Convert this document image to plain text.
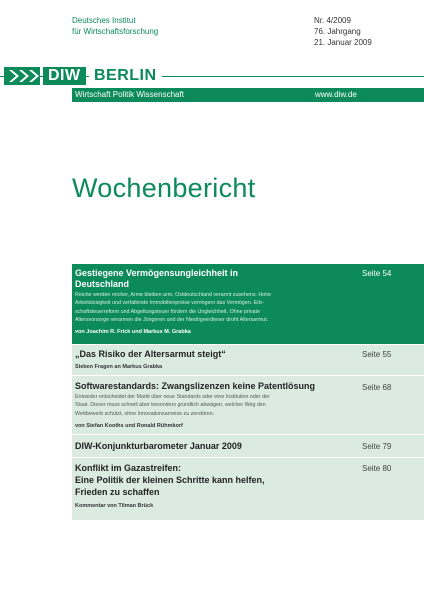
Deutsches Institut
für Wirtschaftsforschung
Nr. 4/2009
76. Jahrgang
21. Januar 2009
DIW BERLIN
Wirtschaft Politik Wissenschaft	www.diw.de
Wochenbericht
Gestiegene Vermögensungleichheit in
Deutschland
Seite 54
Reiche werden reicher, Arme bleiben arm, Ostdeutschland verarmt zusehens. Hohe
Arbeitslosigkeit und verfallende Immobilienpreise verringern das Vermögen. Erb-
schaftsteuerreform und Abgeltungsteuer fördern die Ungleichheit. Ohne private
Altersvorsorge verarmen die Jüngeren und der Niedrigverdiener droht Altersarmut.
von Joachim R. Frick und Markus M. Grabka
„Das Risiko der Altersarmut steigt“	Seite 55
Sieben Fragen an Markus Grabka
Softwarestandards: Zwangslizenzen keine Patentlösung	Seite 68
Entweder entscheidet der Markt über neue Standards oder eine Institution oder der
Staat. Dieser muss schnell aber besonders gründlich abwägen, welcher Weg den
Wettbewerb schützt, ohne Innovationsanreize zu zerstören.
von Stefan Kooths und Ronald Rühmkorf
DIW-Konjunkturbarometer Januar 2009	Seite 79
Konflikt im Gazastreifen:
Eine Politik der kleinen Schritte kann helfen,
Frieden zu schaffen
Seite 80
Kommentar von Tilman Brück
